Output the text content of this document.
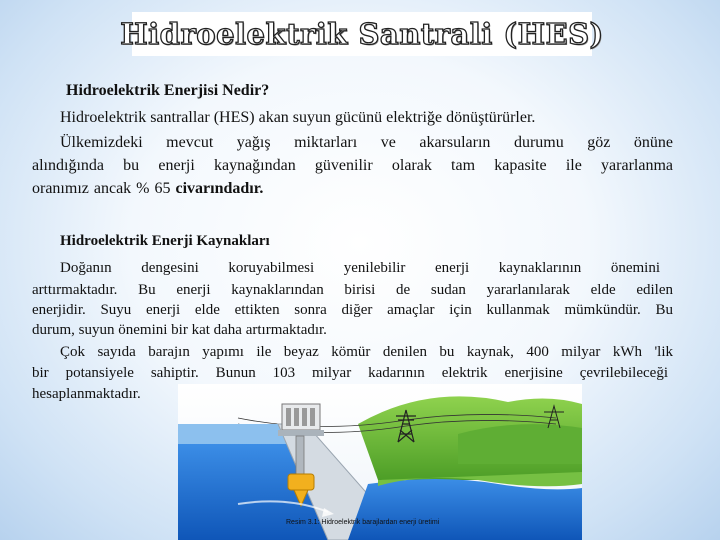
Hidroelektrik Santrali (HES)

Hidroelektrik Enerjisi Nedir?

Hidroelektrik santrallar (HES) akan suyun gücünü elektriğe dönüştürürler.

Ülkemizdeki mevcut yağış miktarları ve akarsuların durumu göz önüne

alındığında bu enerji kaynağından güvenilir olarak tam kapasite ile yararlanma

oranımız ancak % 65 civarındadır.

Hidroelektrik Enerji Kaynakları

Doğanın dengesini koruyabilmesi yenilebilir enerji kaynaklarının önemini

arttırmaktadır. Bu enerji kaynaklarından birisi de sudan yararlanılarak elde edilen

enerjidir. Suyu enerji elde ettikten sonra diğer amaçlar için kullanmak mümkündür. Bu

durum, suyun önemini bir kat daha artırmaktadır.

Çok sayıda barajın yapımı ile beyaz kömür denilen bu kaynak, 400 milyar kWh 'lik

bir potansiyele sahiptir. Bunun 103 milyar kadarının elektrik enerjisine çevrilebileceği

hesaplanmaktadır.

Resim 3.1: Hidroelektrik barajlardan enerji üretimi
